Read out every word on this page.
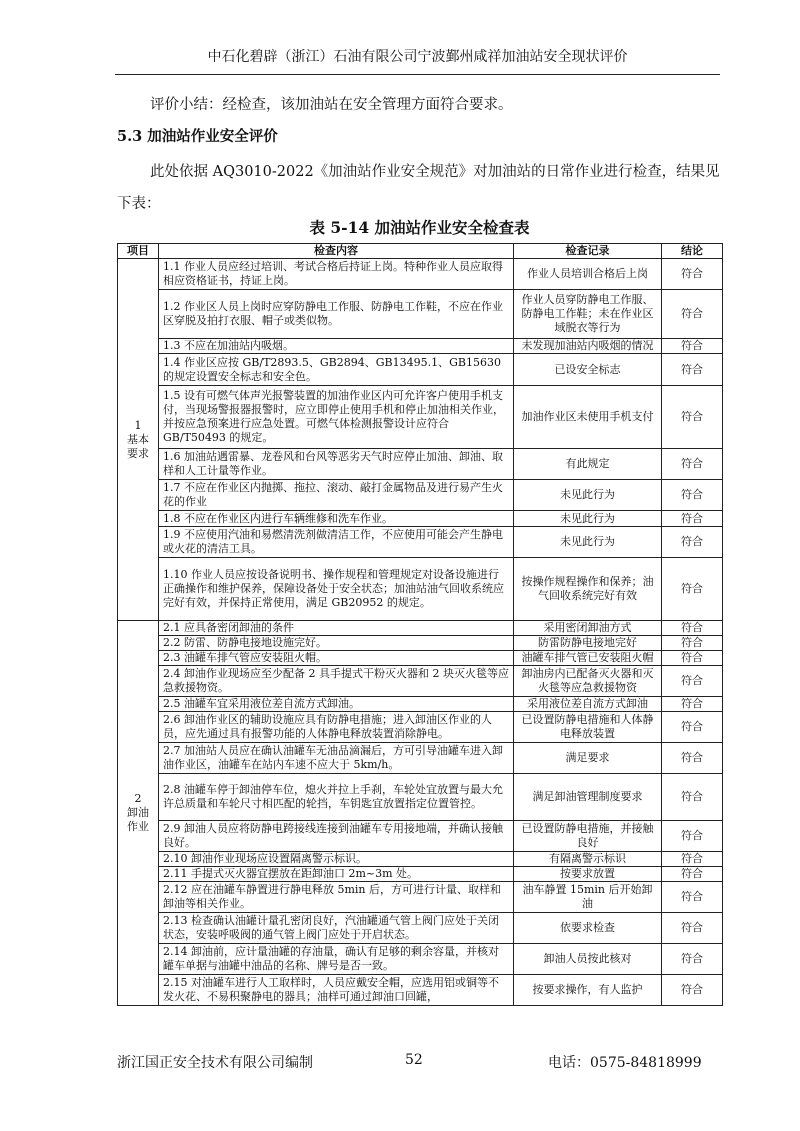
中石化碧辟（浙江）石油有限公司宁波鄞州咸祥加油站安全现状评价
评价小结：经检查，该加油站在安全管理方面符合要求。
5.3 加油站作业安全评价
此处依据 AQ3010-2022《加油站作业安全规范》对加油站的日常作业进行检查，结果见下表：
表 5-14 加油站作业安全检查表
项目	检查内容	检查记录	结论
1
基本
要求	1.1 作业人员应经过培训、考试合格后持证上岗。特种作业人员应取得相应资格证书，持证上岗。	作业人员培训合格后上岗	符合
	1.2 作业区人员上岗时应穿防静电工作服、防静电工作鞋，不应在作业区穿脱及拍打衣服、帽子或类似物。	作业人员穿防静电工作服、防静电工作鞋；未在作业区域脱衣等行为	符合
	1.3 不应在加油站内吸烟。	未发现加油站内吸烟的情况	符合
	1.4 作业区应按 GB/T2893.5、GB2894、GB13495.1、GB15630 的规定设置安全标志和安全色。	已设安全标志	符合
	1.5 设有可燃气体声光报警装置的加油作业区内可允许客户使用手机支付，当现场警报器报警时，应立即停止使用手机和停止加油相关作业，并按应急预案进行应急处置。可燃气体检测报警设计应符合 GB/T50493 的规定。	加油作业区未使用手机支付	符合
	1.6 加油站遇雷暴、龙卷风和台风等恶劣天气时应停止加油、卸油、取样和人工计量等作业。	有此规定	符合
	1.7 不应在作业区内抛掷、拖拉、滚动、敲打金属物品及进行易产生火花的作业	未见此行为	符合
	1.8 不应在作业区内进行车辆维修和洗车作业。	未见此行为	符合
	1.9 不应使用汽油和易燃清洗剂做清洁工作，不应使用可能会产生静电或火花的清洁工具。	未见此行为	符合
	1.10 作业人员应按设备说明书、操作规程和管理规定对设备设施进行正确操作和维护保养，保障设备处于安全状态；加油站油气回收系统应完好有效，并保持正常使用，满足 GB20952 的规定。	按操作规程操作和保养；油气回收系统完好有效	符合
2
卸油
作业	2.1 应具备密闭卸油的条件	采用密闭卸油方式	符合
	2.2 防雷、防静电接地设施完好。	防雷防静电接地完好	符合
	2.3 油罐车排气管应安装阻火帽。	油罐车排气管已安装阻火帽	符合
	2.4 卸油作业现场应至少配备 2 具手提式干粉灭火器和 2 块灭火毯等应急救援物资。	卸油房内已配备灭火器和灭火毯等应急救援物资	符合
	2.5 油罐车宜采用液位差自流方式卸油。	采用液位差自流方式卸油	符合
	2.6 卸油作业区的辅助设施应具有防静电措施；进入卸油区作业的人员，应先通过具有报警功能的人体静电释放装置消除静电。	已设置防静电措施和人体静电释放装置	符合
	2.7 加油站人员应在确认油罐车无油品滴漏后，方可引导油罐车进入卸油作业区，油罐车在站内车速不应大于 5km/h。	满足要求	符合
	2.8 油罐车停于卸油停车位，熄火并拉上手刹，车轮处宜放置与最大允许总质量和车轮尺寸相匹配的轮挡，车钥匙宜放置指定位置管控。	满足卸油管理制度要求	符合
	2.9 卸油人员应将防静电跨接线连接到油罐车专用接地端，并确认接触良好。	已设置防静电措施，并接触良好	符合
	2.10 卸油作业现场应设置隔离警示标识。	有隔离警示标识	符合
	2.11 手提式灭火器宜摆放在距卸油口 2m~3m 处。	按要求放置	符合
	2.12 应在油罐车静置进行静电释放 5min 后，方可进行计量、取样和卸油等相关作业。	油车静置 15min 后开始卸油	符合
	2.13 检查确认油罐计量孔密闭良好，汽油罐通气管上阀门应处于关闭状态，安装呼吸阀的通气管上阀门应处于开启状态。	依要求检查	符合
	2.14 卸油前，应计量油罐的存油量，确认有足够的剩余容量，并核对罐车单据与油罐中油品的名称、牌号是否一致。	卸油人员按此核对	符合
	2.15 对油罐车进行人工取样时，人员应戴安全帽，应选用铝或铜等不发火花、不易积聚静电的器具；油样可通过卸油口回罐，	按要求操作，有人监护	符合
浙江国正安全技术有限公司编制	52	电话：0575-84818999
